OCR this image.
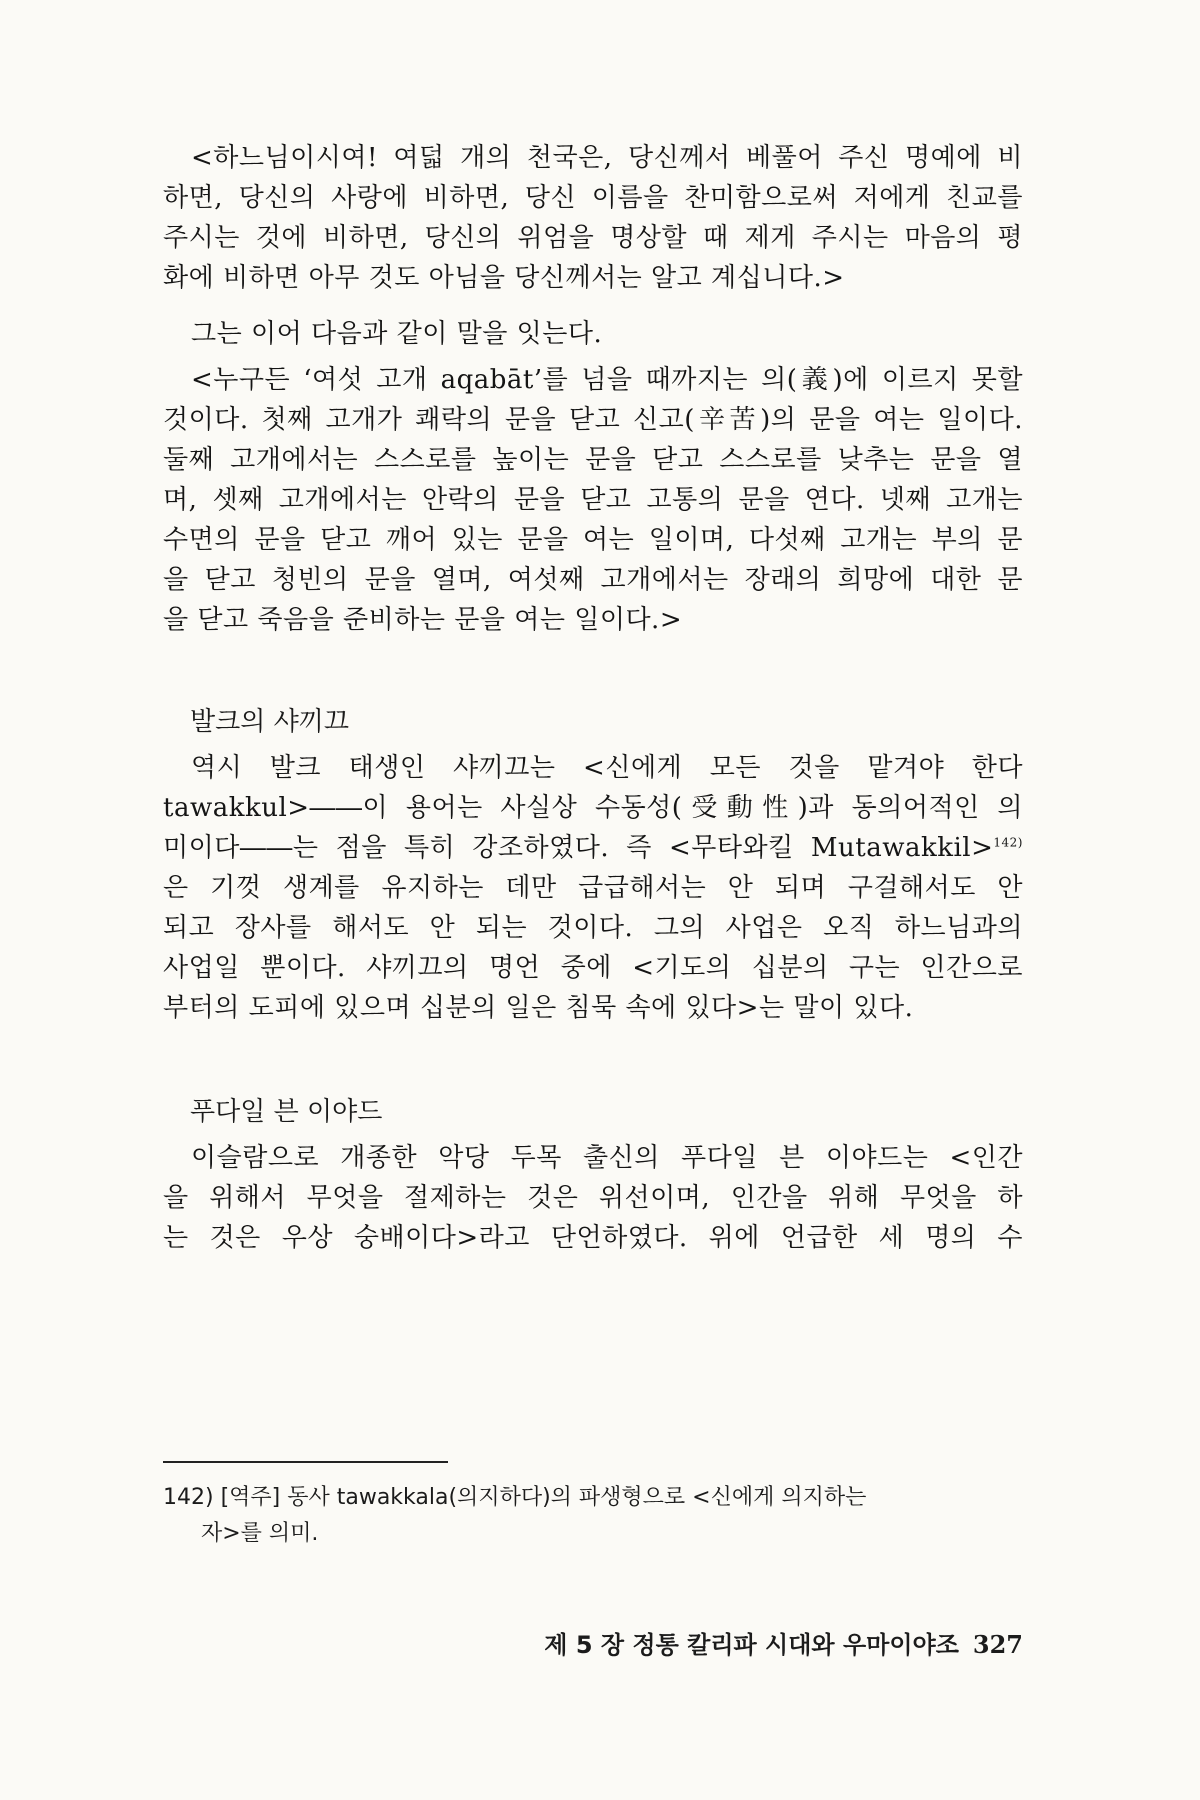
<하느님이시여! 여덟 개의 천국은, 당신께서 베풀어 주신 명예에 비
하면, 당신의 사랑에 비하면, 당신 이름을 찬미함으로써 저에게 친교를
주시는 것에 비하면, 당신의 위엄을 명상할 때 제게 주시는 마음의 평
화에 비하면 아무 것도 아님을 당신께서는 알고 계십니다.>
그는 이어 다음과 같이 말을 잇는다.
<누구든 ‘여섯 고개 aqabāt’를 넘을 때까지는 의(義)에 이르지 못할
것이다. 첫째 고개가 쾌락의 문을 닫고 신고(辛苦)의 문을 여는 일이다.
둘째 고개에서는 스스로를 높이는 문을 닫고 스스로를 낮추는 문을 열
며, 셋째 고개에서는 안락의 문을 닫고 고통의 문을 연다. 넷째 고개는
수면의 문을 닫고 깨어 있는 문을 여는 일이며, 다섯째 고개는 부의 문
을 닫고 청빈의 문을 열며, 여섯째 고개에서는 장래의 희망에 대한 문
을 닫고 죽음을 준비하는 문을 여는 일이다.>
발크의 샤끼끄
역시 발크 태생인 샤끼끄는 <신에게 모든 것을 맡겨야 한다
tawakkul>――이 용어는 사실상 수동성(受動性)과 동의어적인 의
미이다――는 점을 특히 강조하였다. 즉 <무타와킬 Mutawakkil>$^{142)}$
은 기껏 생계를 유지하는 데만 급급해서는 안 되며 구걸해서도 안
되고 장사를 해서도 안 되는 것이다. 그의 사업은 오직 하느님과의
사업일 뿐이다. 샤끼끄의 명언 중에 <기도의 십분의 구는 인간으로
부터의 도피에 있으며 십분의 일은 침묵 속에 있다>는 말이 있다.
푸다일 븐 이야드
이슬람으로 개종한 악당 두목 출신의 푸다일 븐 이야드는 <인간
을 위해서 무엇을 절제하는 것은 위선이며, 인간을 위해 무엇을 하
는 것은 우상 숭배이다>라고 단언하였다. 위에 언급한 세 명의 수
142) [역주] 동사 tawakkala(의지하다)의 파생형으로 <신에게 의지하는
자>를 의미.
제 5 장 정통 칼리파 시대와 우마이야조 327
